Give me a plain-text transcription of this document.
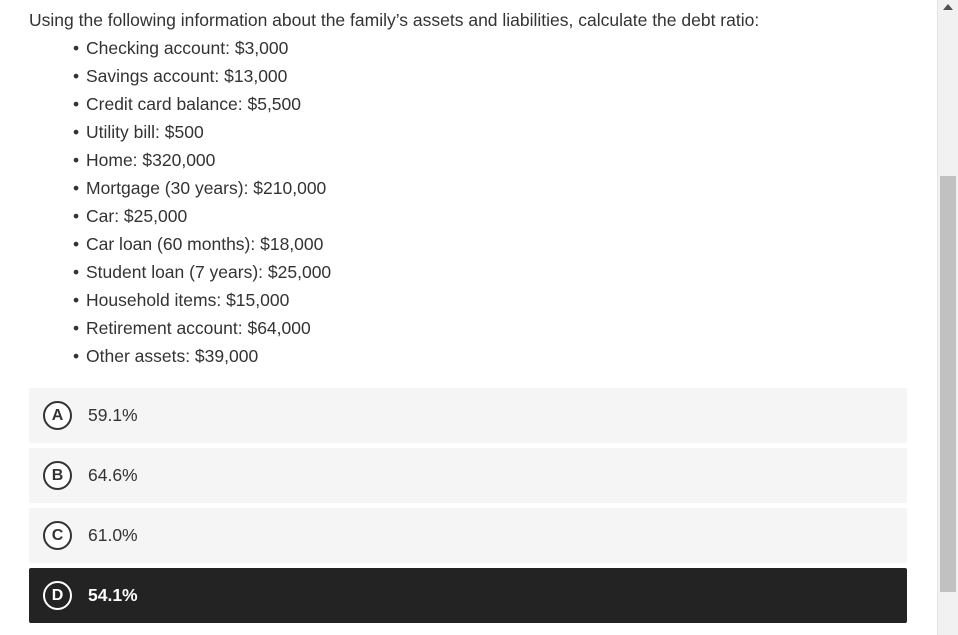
Using the following information about the family’s assets and liabilities, calculate the debt ratio:

• Checking account: $3,000
• Savings account: $13,000
• Credit card balance: $5,500
• Utility bill: $500
• Home: $320,000
• Mortgage (30 years): $210,000
• Car: $25,000
• Car loan (60 months): $18,000
• Student loan (7 years): $25,000
• Household items: $15,000
• Retirement account: $64,000
• Other assets: $39,000
A	59.1%
B	64.6%
C	61.0%
D	54.1%
